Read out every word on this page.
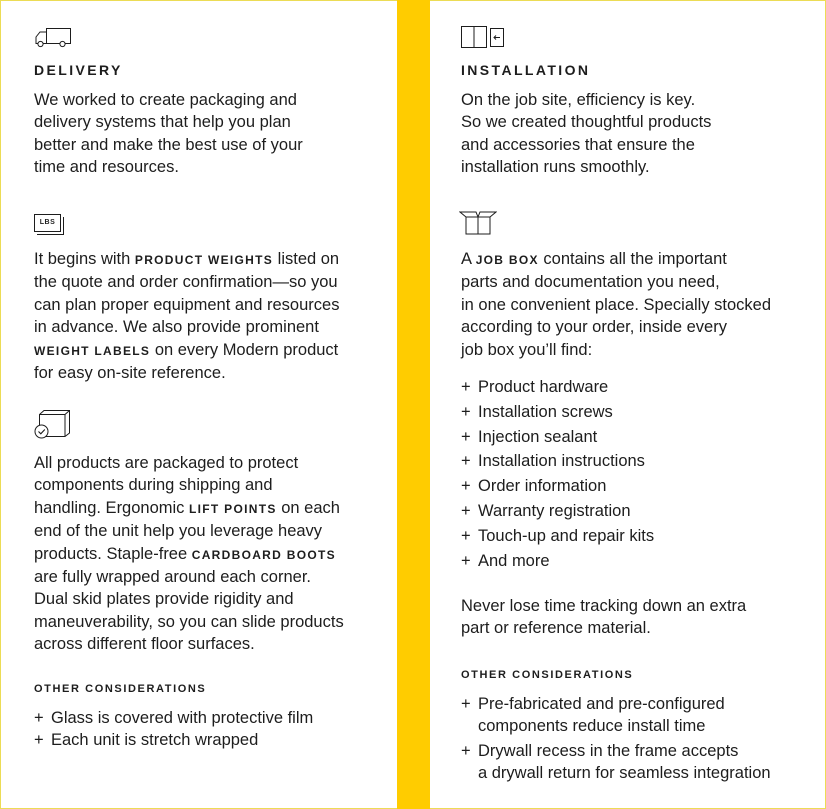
DELIVERY

We worked to create packaging and
delivery systems that help you plan
better and make the best use of your
time and resources.

LBS

It begins with PRODUCT WEIGHTS listed on
the quote and order confirmation—so you
can plan proper equipment and resources
in advance. We also provide prominent
WEIGHT LABELS on every Modern product
for easy on-site reference.

All products are packaged to protect
components during shipping and
handling. Ergonomic LIFT POINTS on each
end of the unit help you leverage heavy
products. Staple-free CARDBOARD BOOTS
are fully wrapped around each corner.
Dual skid plates provide rigidity and
maneuverability, so you can slide products
across different floor surfaces.

OTHER CONSIDERATIONS
+ Glass is covered with protective film
+ Each unit is stretch wrapped
INSTALLATION

On the job site, efficiency is key.
So we created thoughtful products
and accessories that ensure the
installation runs smoothly.

A JOB BOX contains all the important
parts and documentation you need,
in one convenient place. Specially stocked
according to your order, inside every
job box you’ll find:

+ Product hardware
+ Installation screws
+ Injection sealant
+ Installation instructions
+ Order information
+ Warranty registration
+ Touch-up and repair kits
+ And more

Never lose time tracking down an extra
part or reference material.

OTHER CONSIDERATIONS
+ Pre-fabricated and pre-configured
components reduce install time
+ Drywall recess in the frame accepts
a drywall return for seamless integration
